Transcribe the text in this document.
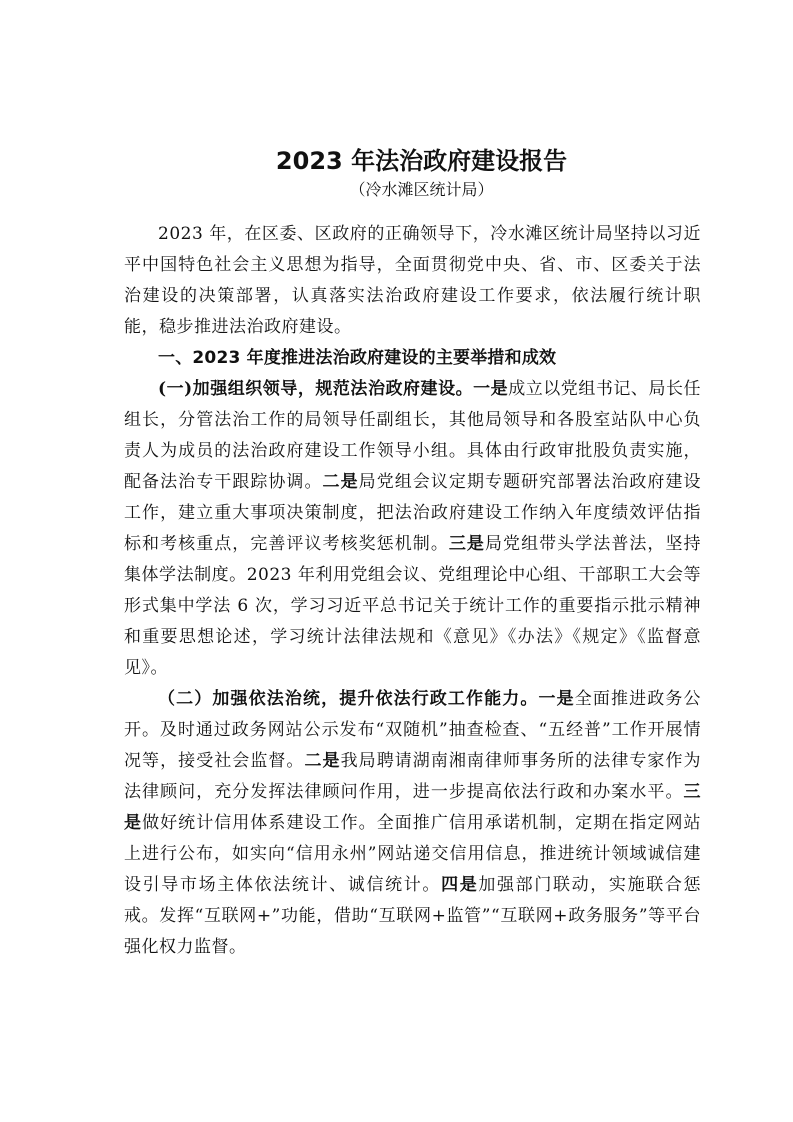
2023 年法治政府建设报告
（冷水滩区统计局）

2023 年，在区委、区政府的正确领导下，冷水滩区统计局坚持以习近平中国特色社会主义思想为指导，全面贯彻党中央、省、市、区委关于法治建设的决策部署，认真落实法治政府建设工作要求，依法履行统计职能，稳步推进法治政府建设。

一、2023 年度推进法治政府建设的主要举措和成效

(一)加强组织领导，规范法治政府建设。一是成立以党组书记、局长任组长，分管法治工作的局领导任副组长，其他局领导和各股室站队中心负责人为成员的法治政府建设工作领导小组。具体由行政审批股负责实施，配备法治专干跟踪协调。二是局党组会议定期专题研究部署法治政府建设工作，建立重大事项决策制度，把法治政府建设工作纳入年度绩效评估指标和考核重点，完善评议考核奖惩机制。三是局党组带头学法普法，坚持集体学法制度。2023 年利用党组会议、党组理论中心组、干部职工大会等形式集中学法 6 次，学习习近平总书记关于统计工作的重要指示批示精神和重要思想论述，学习统计法律法规和《意见》《办法》《规定》《监督意见》。

（二）加强依法治统，提升依法行政工作能力。一是全面推进政务公开。及时通过政务网站公示发布“双随机”抽查检查、“五经普”工作开展情况等，接受社会监督。二是我局聘请湖南湘南律师事务所的法律专家作为法律顾问，充分发挥法律顾问作用，进一步提高依法行政和办案水平。三是做好统计信用体系建设工作。全面推广信用承诺机制，定期在指定网站上进行公布，如实向“信用永州”网站递交信用信息，推进统计领域诚信建设引导市场主体依法统计、诚信统计。四是加强部门联动，实施联合惩戒。发挥“互联网+”功能，借助“互联网+监管”“互联网+政务服务”等平台强化权力监督。
